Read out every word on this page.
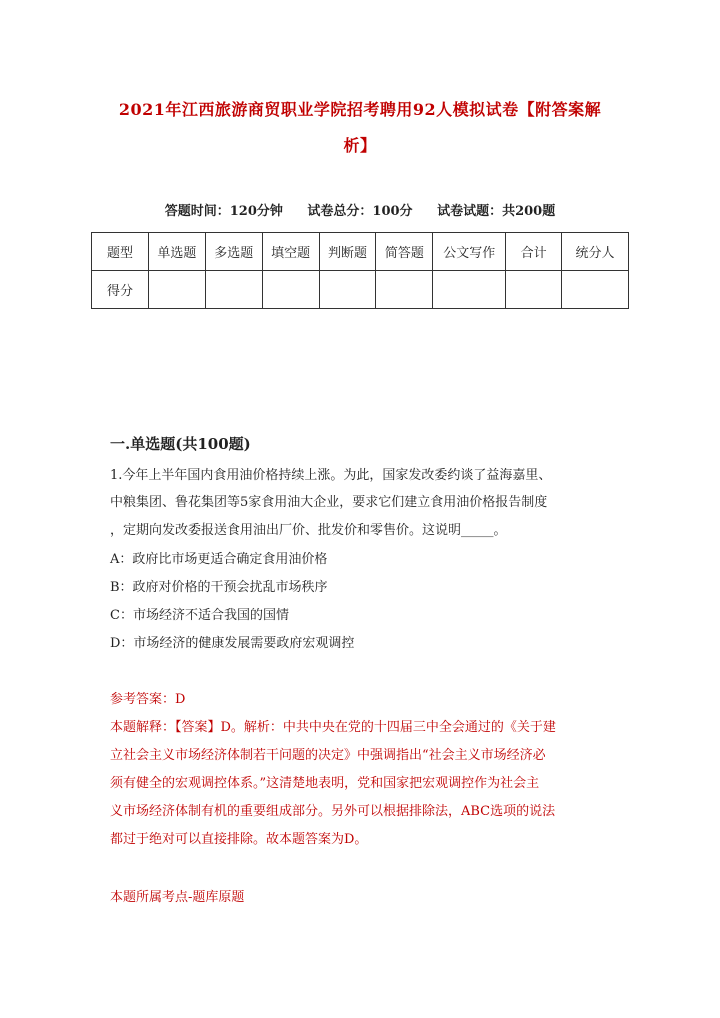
2021年江西旅游商贸职业学院招考聘用92人模拟试卷【附答案解
析】
答题时间：120分钟 试卷总分：100分 试卷试题：共200题
题型	单选题	多选题	填空题	判断题	简答题	公文写作	合计	统分人
得分								
一.单选题(共100题)
1.今年上半年国内食用油价格持续上涨。为此，国家发改委约谈了益海嘉里、
中粮集团、鲁花集团等5家食用油大企业，要求它们建立食用油价格报告制度
，定期向发改委报送食用油出厂价、批发价和零售价。这说明_____。
A：政府比市场更适合确定食用油价格
B：政府对价格的干预会扰乱市场秩序
C：市场经济不适合我国的国情
D：市场经济的健康发展需要政府宏观调控
参考答案：D
本题解释：【答案】D。解析：中共中央在党的十四届三中全会通过的《关于建
立社会主义市场经济体制若干问题的决定》中强调指出“社会主义市场经济必
须有健全的宏观调控体系。”这清楚地表明，党和国家把宏观调控作为社会主
义市场经济体制有机的重要组成部分。另外可以根据排除法，ABC选项的说法
都过于绝对可以直接排除。故本题答案为D。
本题所属考点-题库原题
